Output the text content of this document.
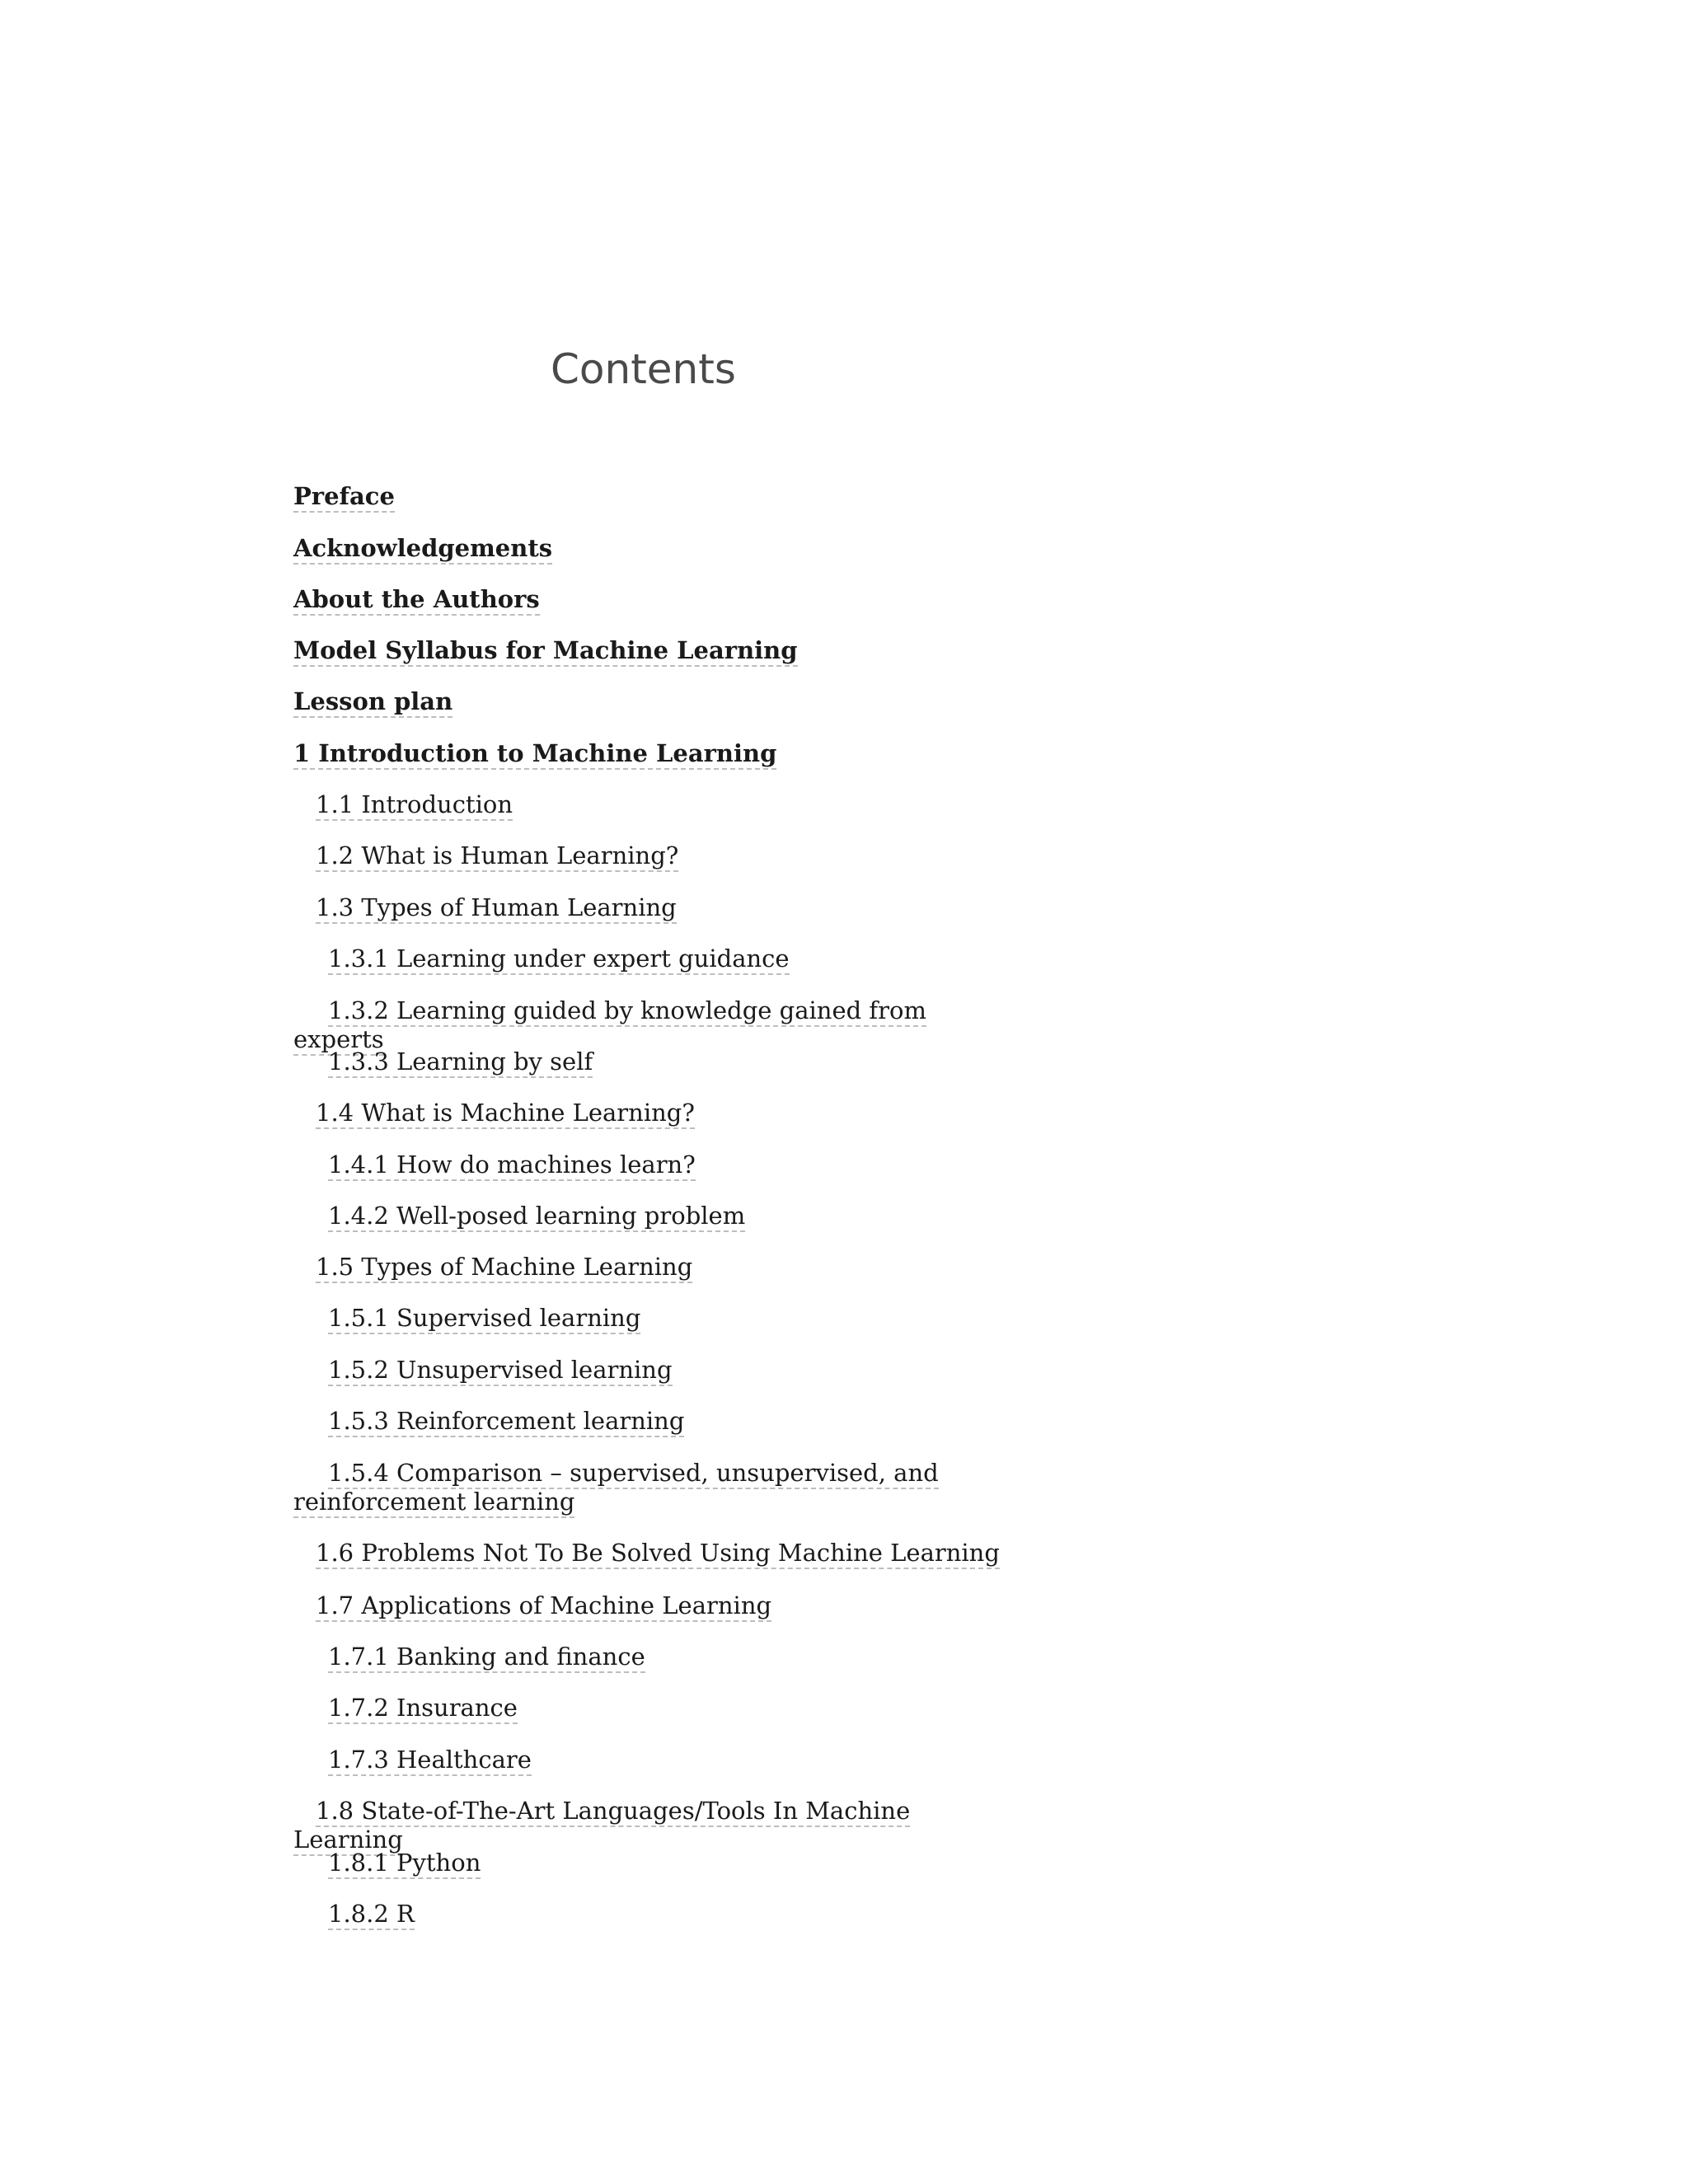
Contents
Preface
Acknowledgements
About the Authors
Model Syllabus for Machine Learning
Lesson plan
1 Introduction to Machine Learning
1.1 Introduction
1.2 What is Human Learning?
1.3 Types of Human Learning
1.3.1 Learning under expert guidance
1.3.2 Learning guided by knowledge gained from experts
1.3.3 Learning by self
1.4 What is Machine Learning?
1.4.1 How do machines learn?
1.4.2 Well-posed learning problem
1.5 Types of Machine Learning
1.5.1 Supervised learning
1.5.2 Unsupervised learning
1.5.3 Reinforcement learning
1.5.4 Comparison – supervised, unsupervised, and reinforcement learning
1.6 Problems Not To Be Solved Using Machine Learning
1.7 Applications of Machine Learning
1.7.1 Banking and finance
1.7.2 Insurance
1.7.3 Healthcare
1.8 State-of-The-Art Languages/Tools In Machine Learning
1.8.1 Python
1.8.2 R
